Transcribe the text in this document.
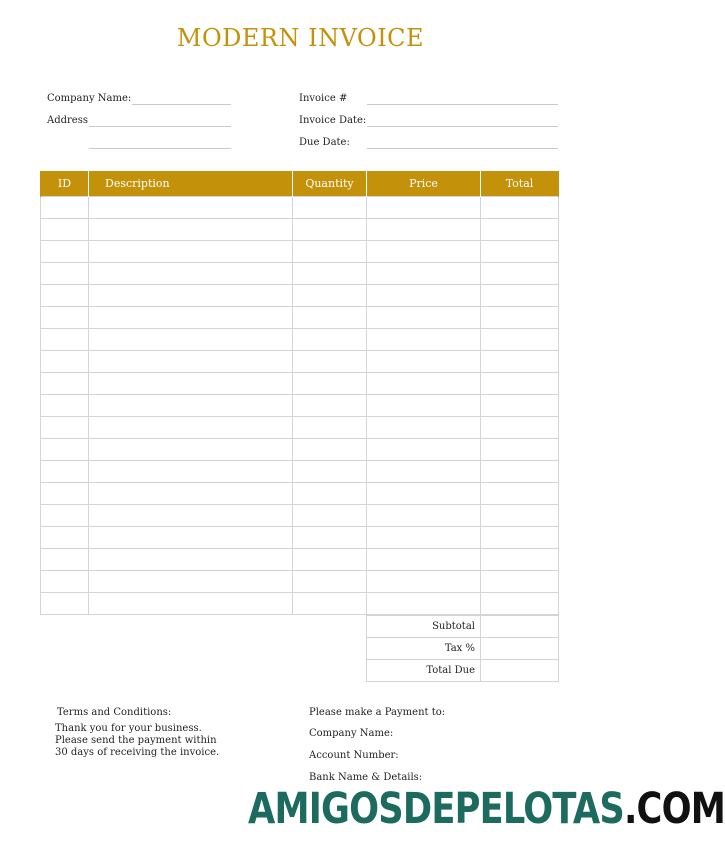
MODERN INVOICE
Company Name:
Address
Invoice #
Invoice Date:
Due Date:
ID	Description	Quantity	Price	Total

Subtotal	
Tax %	
Total Due	
Terms and Conditions:
Thank you for your business.
Please send the payment within
30 days of receiving the invoice.
Please make a Payment to:
Company Name:
Account Number:
Bank Name & Details:
AMIGOSDEPELOTAS.COM
